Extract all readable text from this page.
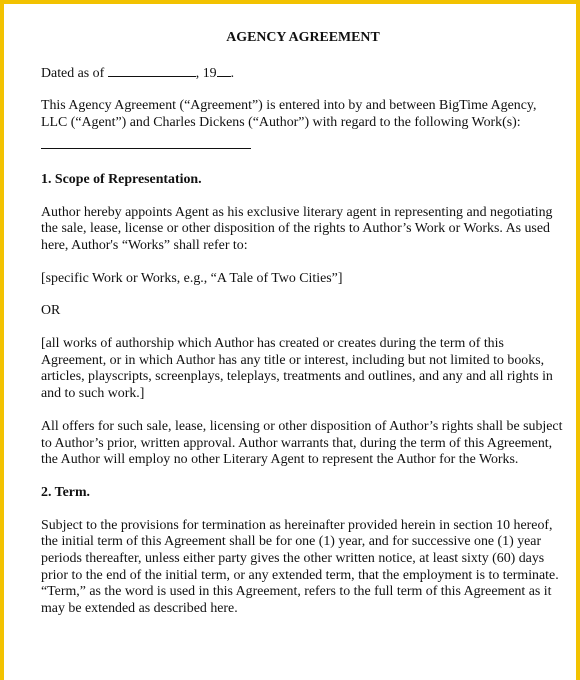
AGENCY AGREEMENT
Dated as of	, 19 .

This Agency Agreement (“Agreement”) is entered into by and between BigTime Agency, LLC (“Agent”) and Charles Dickens (“Author”) with regard to the following Work(s):

1. Scope of Representation.

Author hereby appoints Agent as his exclusive literary agent in representing and negotiating the sale, lease, license or other disposition of the rights to Author’s Work or Works. As used here, Author's “Works” shall refer to:

[specific Work or Works, e.g., “A Tale of Two Cities”]

OR

[all works of authorship which Author has created or creates during the term of this Agreement, or in which Author has any title or interest, including but not limited to books, articles, playscripts, screenplays, teleplays, treatments and outlines, and any and all rights in and to such work.]

All offers for such sale, lease, licensing or other disposition of Author’s rights shall be subject to Author’s prior, written approval. Author warrants that, during the term of this Agreement, the Author will employ no other Literary Agent to represent the Author for the Works.

2. Term.

Subject to the provisions for termination as hereinafter provided herein in section 10 hereof, the initial term of this Agreement shall be for one (1) year, and for successive one (1) year periods thereafter, unless either party gives the other written notice, at least sixty (60) days prior to the end of the initial term, or any extended term, that the employment is to terminate. “Term,” as the word is used in this Agreement, refers to the full term of this Agreement as it may be extended as described here.
